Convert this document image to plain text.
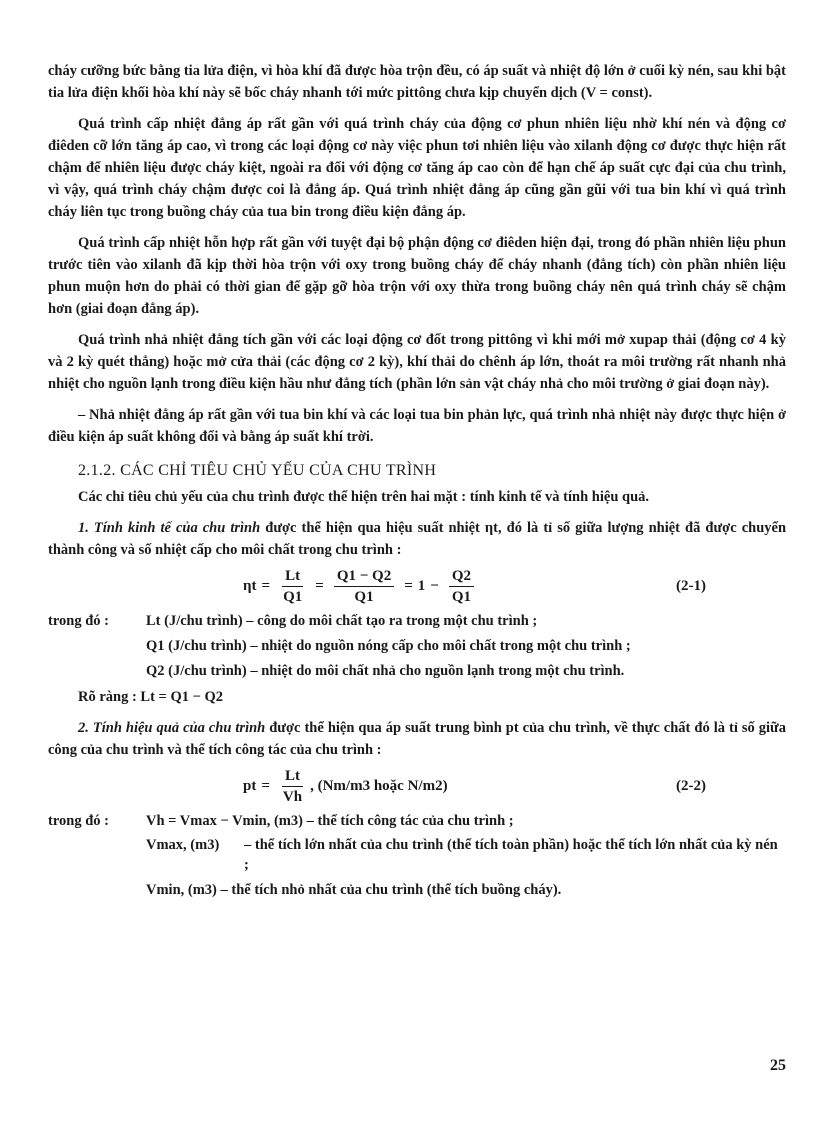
cháy cưỡng bức bằng tia lửa điện, vì hòa khí đã được hòa trộn đều, có áp suất và nhiệt độ lớn ở cuối kỳ nén, sau khi bật tia lửa điện khối hòa khí này sẽ bốc cháy nhanh tới mức pittông chưa kịp chuyển dịch (V = const).

Quá trình cấp nhiệt đẳng áp rất gần với quá trình cháy của động cơ phun nhiên liệu nhờ khí nén và động cơ điêden cỡ lớn tăng áp cao, vì trong các loại động cơ này việc phun tơi nhiên liệu vào xilanh động cơ được thực hiện rất chậm để nhiên liệu được cháy kiệt, ngoài ra đối với động cơ tăng áp cao còn để hạn chế áp suất cực đại của chu trình, vì vậy, quá trình cháy chậm được coi là đẳng áp. Quá trình nhiệt đẳng áp cũng gần gũi với tua bin khí vì quá trình cháy liên tục trong buồng cháy của tua bin trong điều kiện đẳng áp.

Quá trình cấp nhiệt hỗn hợp rất gần với tuyệt đại bộ phận động cơ điêden hiện đại, trong đó phần nhiên liệu phun trước tiên vào xilanh đã kịp thời hòa trộn với oxy trong buồng cháy để cháy nhanh (đẳng tích) còn phần nhiên liệu phun muộn hơn do phải có thời gian để gặp gỡ hòa trộn với oxy thừa trong buồng cháy nên quá trình cháy sẽ chậm hơn (giai đoạn đẳng áp).

Quá trình nhả nhiệt đẳng tích gần với các loại động cơ đốt trong pittông vì khi mới mở xupap thải (động cơ 4 kỳ và 2 kỳ quét thẳng) hoặc mở cửa thải (các động cơ 2 kỳ), khí thải do chênh áp lớn, thoát ra môi trường rất nhanh nhả nhiệt cho nguồn lạnh trong điều kiện hầu như đẳng tích (phần lớn sản vật cháy nhả cho môi trường ở giai đoạn này).

– Nhả nhiệt đẳng áp rất gần với tua bin khí và các loại tua bin phản lực, quá trình nhả nhiệt này được thực hiện ở điều kiện áp suất không đổi và bằng áp suất khí trời.

2.1.2. CÁC CHỈ TIÊU CHỦ YẾU CỦA CHU TRÌNH

Các chỉ tiêu chủ yếu của chu trình được thể hiện trên hai mặt : tính kinh tế và tính hiệu quả.

1. Tính kinh tế của chu trình được thể hiện qua hiệu suất nhiệt ηt, đó là tỉ số giữa lượng nhiệt đã được chuyển thành công và số nhiệt cấp cho môi chất trong chu trình :

$\eta t = \frac{Lt}{Q1} = \frac{Q1 - Q2}{Q1} = 1 - \frac{Q2}{Q1}$	(2-1)
trong đó :	Lt (J/chu trình) – công do môi chất tạo ra trong một chu trình ;
Q1 (J/chu trình) – nhiệt do nguồn nóng cấp cho môi chất trong một chu trình ;
Q2 (J/chu trình) – nhiệt do môi chất nhả cho nguồn lạnh trong một chu trình.

Rõ ràng : Lt = Q1 − Q2

2. Tính hiệu quả của chu trình được thể hiện qua áp suất trung bình pt của chu trình, về thực chất đó là tỉ số giữa công của chu trình và thể tích công tác của chu trình :

pt = $\frac{Lt}{Vh}$ , (Nm/m3 hoặc N/m2)	(2-2)
trong đó :	Vh = Vmax − Vmin, (m3) – thể tích công tác của chu trình ;
Vmax, (m3)	– thể tích lớn nhất của chu trình (thể tích toàn phần) hoặc thể tích lớn nhất của kỳ nén ;
Vmin, (m3) – thể tích nhỏ nhất của chu trình (thể tích buồng cháy).
25
